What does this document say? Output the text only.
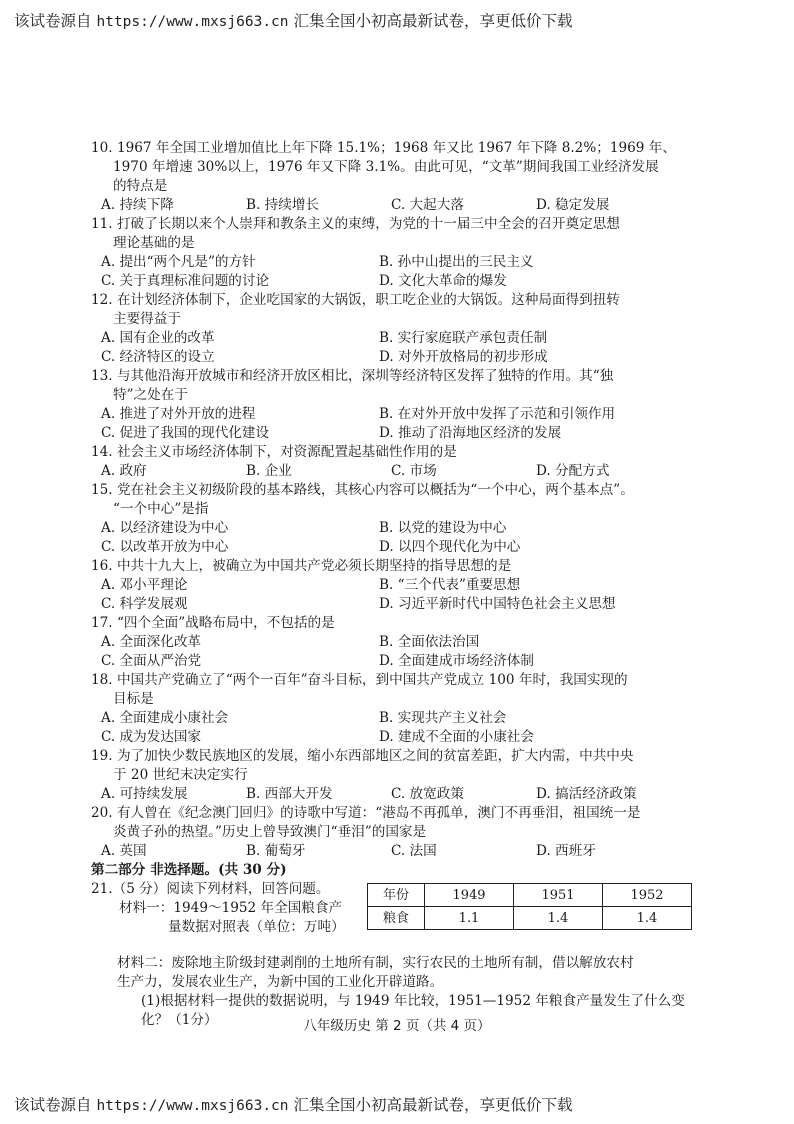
该试卷源自 https://www.mxsj663.cn 汇集全国小初高最新试卷，享更低价下载
10. 1967 年全国工业增加值比上年下降 15.1%；1968 年又比 1967 年下降 8.2%；1969 年、
1970 年增速 30%以上，1976 年又下降 3.1%。由此可见，“文革”期间我国工业经济发展
的特点是
A. 持续下降	B. 持续增长	C. 大起大落	D. 稳定发展
11. 打破了长期以来个人崇拜和教条主义的束缚，为党的十一届三中全会的召开奠定思想
理论基础的是
A. 提出“两个凡是”的方针	B. 孙中山提出的三民主义
C. 关于真理标准问题的讨论	D. 文化大革命的爆发
12. 在计划经济体制下，企业吃国家的大锅饭，职工吃企业的大锅饭。这种局面得到扭转
主要得益于
A. 国有企业的改革	B. 实行家庭联产承包责任制
C. 经济特区的设立	D. 对外开放格局的初步形成
13. 与其他沿海开放城市和经济开放区相比，深圳等经济特区发挥了独特的作用。其“独
特”之处在于
A. 推进了对外开放的进程	B. 在对外开放中发挥了示范和引领作用
C. 促进了我国的现代化建设	D. 推动了沿海地区经济的发展
14. 社会主义市场经济体制下，对资源配置起基础性作用的是
A. 政府	B. 企业	C. 市场	D. 分配方式
15. 党在社会主义初级阶段的基本路线，其核心内容可以概括为“一个中心，两个基本点”。
“一个中心”是指
A. 以经济建设为中心	B. 以党的建设为中心
C. 以改革开放为中心	D. 以四个现代化为中心
16. 中共十九大上，被确立为中国共产党必须长期坚持的指导思想的是
A. 邓小平理论	B. “三个代表”重要思想
C. 科学发展观	D. 习近平新时代中国特色社会主义思想
17. “四个全面”战略布局中，不包括的是
A. 全面深化改革	B. 全面依法治国
C. 全面从严治党	D. 全面建成市场经济体制
18. 中国共产党确立了“两个一百年”奋斗目标，到中国共产党成立 100 年时，我国实现的
目标是
A. 全面建成小康社会	B. 实现共产主义社会
C. 成为发达国家	D. 建成不全面的小康社会
19. 为了加快少数民族地区的发展，缩小东西部地区之间的贫富差距，扩大内需，中共中央
于 20 世纪末决定实行
A. 可持续发展	B. 西部大开发	C. 放宽政策	D. 搞活经济政策
20. 有人曾在《纪念澳门回归》的诗歌中写道：“港岛不再孤单，澳门不再垂泪，祖国统一是
炎黄子孙的热望。”历史上曾导致澳门“垂泪”的国家是
A. 英国	B. 葡萄牙	C. 法国	D. 西班牙
第二部分 非选择题。(共 30 分)
21.（5 分）阅读下列材料，回答问题。
材料一：1949～1952 年全国粮食产
量数据对照表（单位：万吨）
年份	1949	1951	1952
粮食	1.1	1.4	1.4
材料二：废除地主阶级封建剥削的土地所有制，实行农民的土地所有制，借以解放农村
生产力，发展农业生产，为新中国的工业化开辟道路。
(1)根据材料一提供的数据说明，与 1949 年比较，1951—1952 年粮食产量发生了什么变
化？（1分）	八年级历史 第 2 页（共 4 页）
该试卷源自 https://www.mxsj663.cn 汇集全国小初高最新试卷，享更低价下载
